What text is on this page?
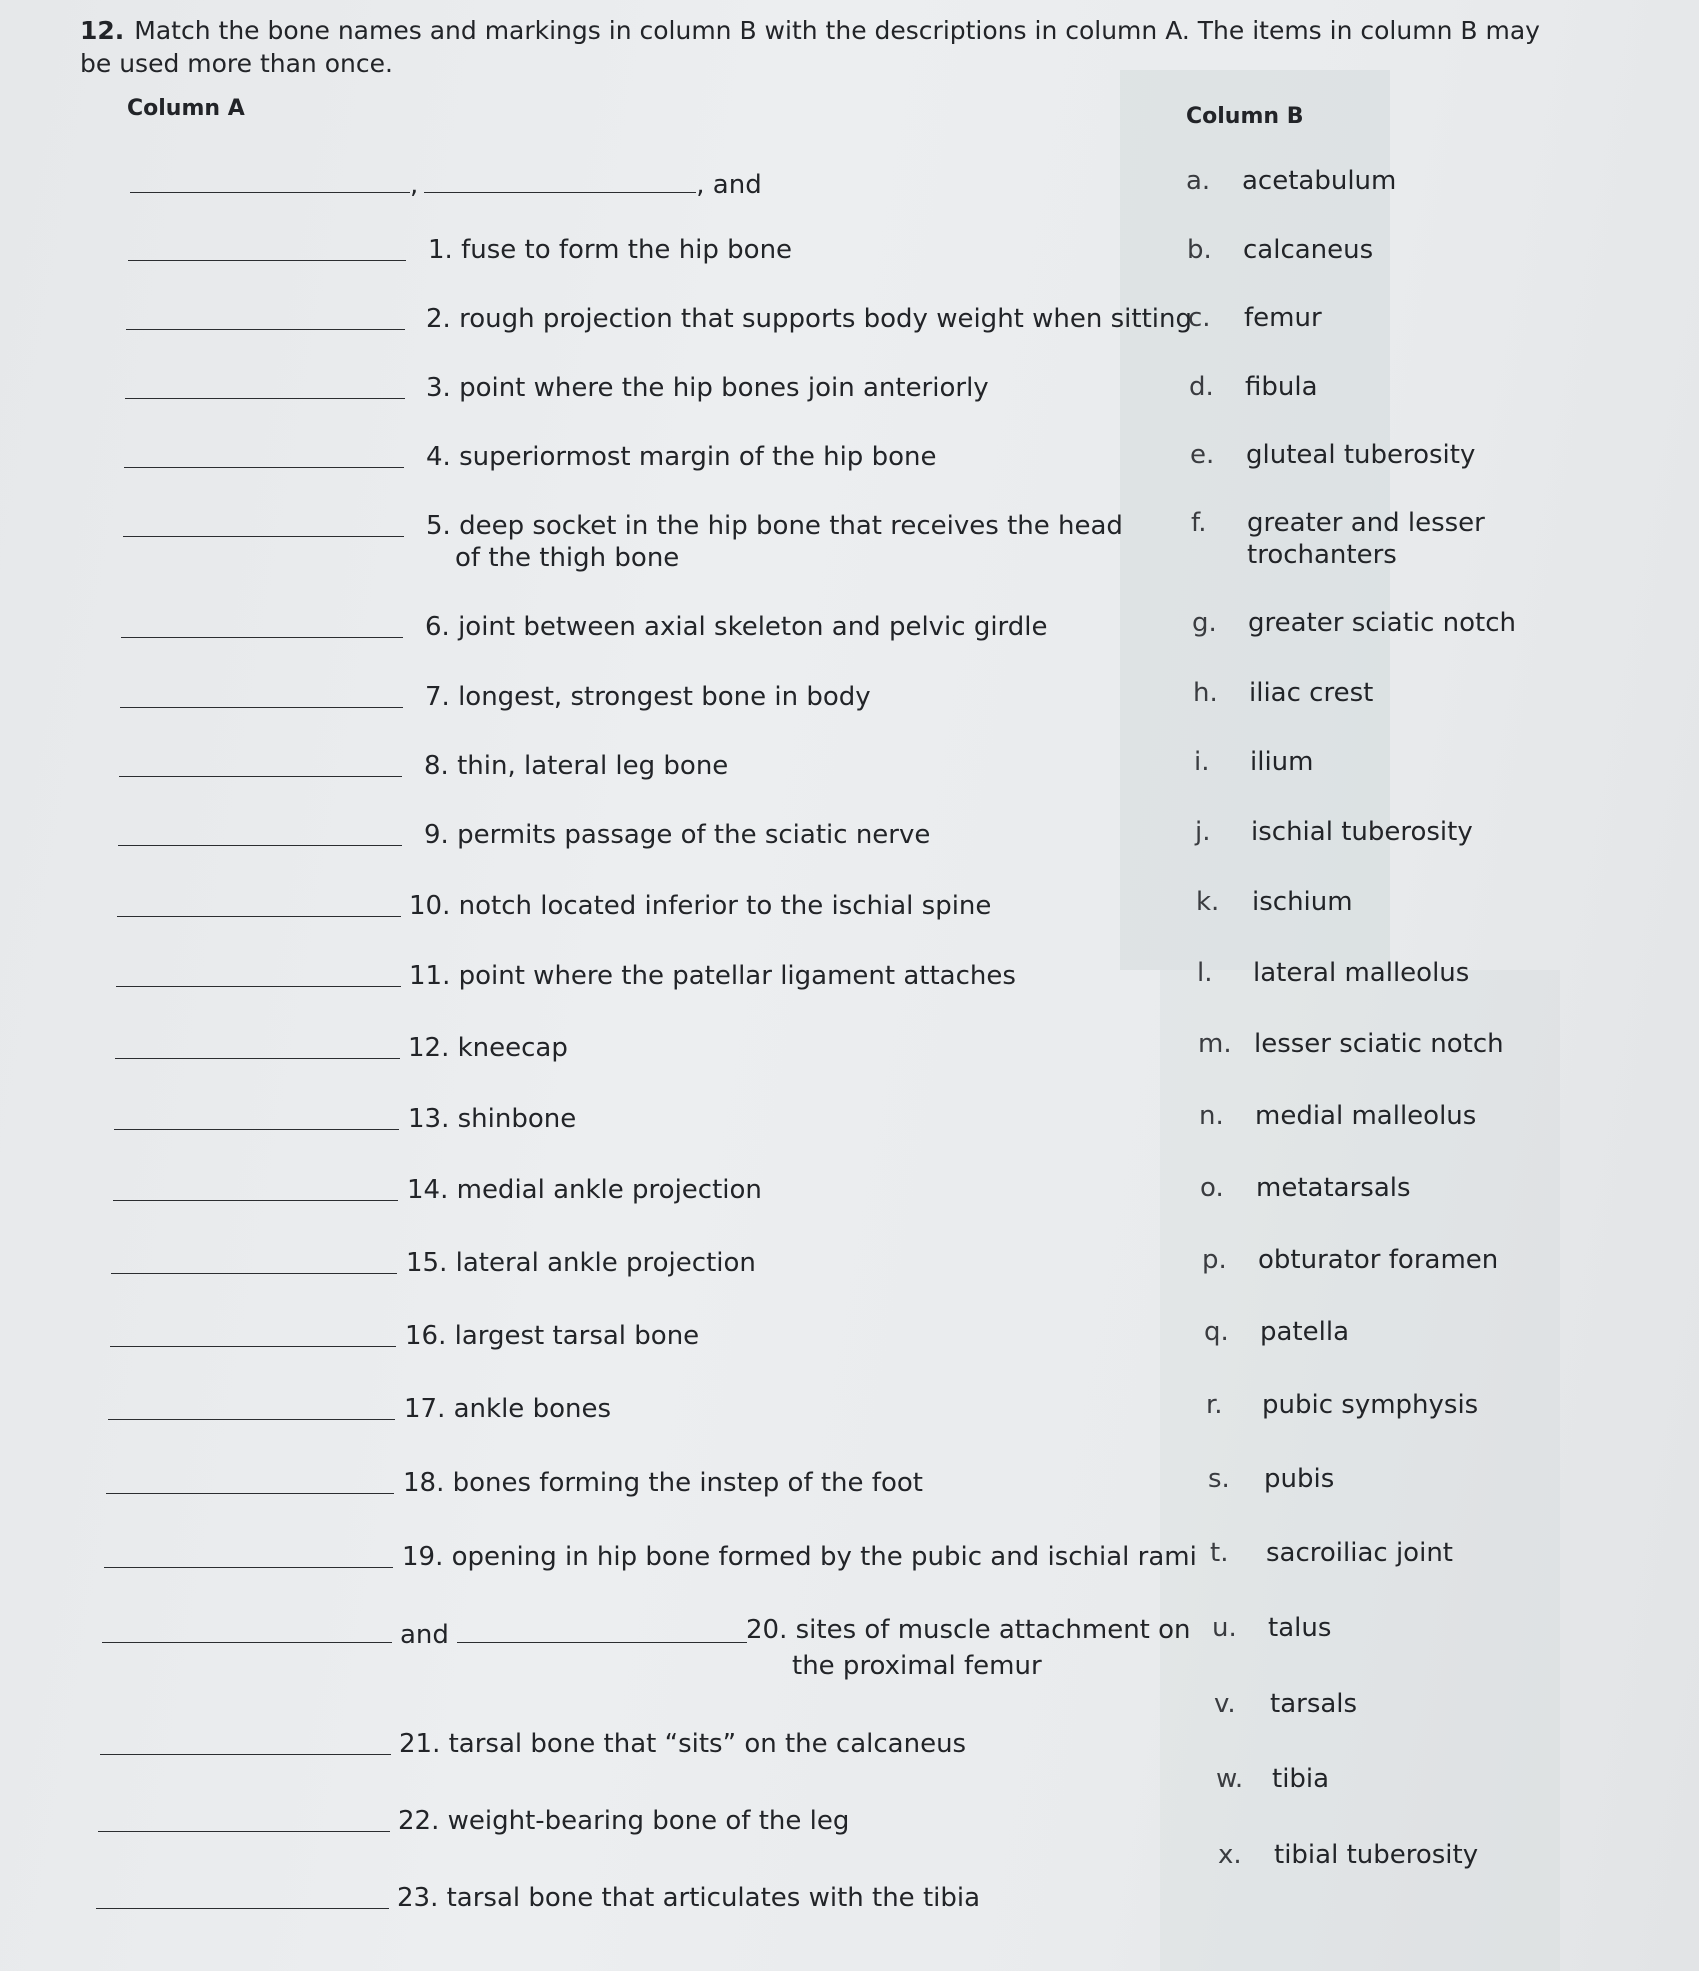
12. Match the bone names and markings in column B with the descriptions in column A. The items in column B may be used more than once.
Column A	Column B
,	, and
1. fuse to form the hip bone
2. rough projection that supports body weight when sitting
3. point where the hip bones join anteriorly
4. superiormost margin of the hip bone
5. deep socket in the hip bone that receives the head
of the thigh bone
6. joint between axial skeleton and pelvic girdle
7. longest, strongest bone in body
8. thin, lateral leg bone
9. permits passage of the sciatic nerve
10. notch located inferior to the ischial spine
11. point where the patellar ligament attaches
12. kneecap
13. shinbone
14. medial ankle projection
15. lateral ankle projection
16. largest tarsal bone
17. ankle bones
18. bones forming the instep of the foot
19. opening in hip bone formed by the pubic and ischial rami
and	20. sites of muscle attachment on
the proximal femur
21. tarsal bone that “sits” on the calcaneus
22. weight-bearing bone of the leg
23. tarsal bone that articulates with the tibia
a. acetabulum
b. calcaneus
c. femur
d. fibula
e. gluteal tuberosity
f. greater and lesser
trochanters
g. greater sciatic notch
h. iliac crest
i. ilium
j. ischial tuberosity
k. ischium
l. lateral malleolus
m. lesser sciatic notch
n. medial malleolus
o. metatarsals
p. obturator foramen
q. patella
r. pubic symphysis
s. pubis
t. sacroiliac joint
u. talus
v. tarsals
w. tibia
x. tibial tuberosity
